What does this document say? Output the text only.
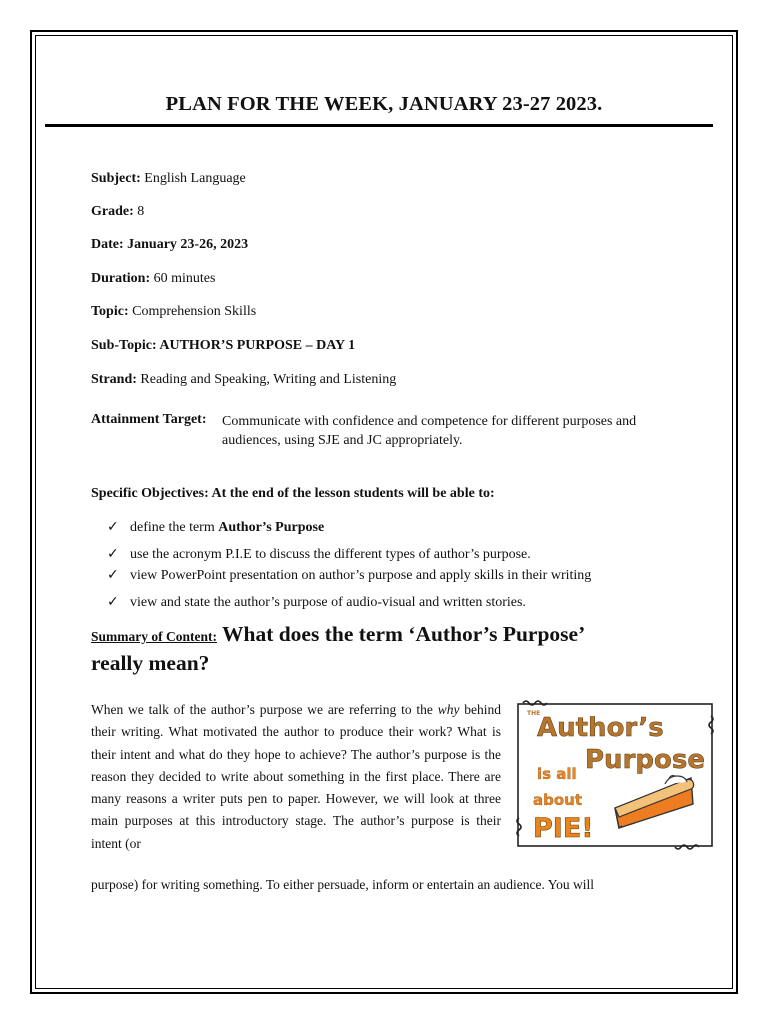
PLAN FOR THE WEEK, JANUARY 23-27 2023.
Subject: English Language
Grade: 8
Date: January 23-26, 2023
Duration: 60 minutes
Topic: Comprehension Skills
Sub-Topic: AUTHOR’S PURPOSE – DAY 1
Strand: Reading and Speaking, Writing and Listening
Attainment Target: Communicate with confidence and competence for different purposes and audiences, using SJE and JC appropriately.
Specific Objectives: At the end of the lesson students will be able to:
✓ define the term Author’s Purpose
✓ use the acronym P.I.E to discuss the different types of author’s purpose.
✓ view PowerPoint presentation on author’s purpose and apply skills in their writing
✓ view and state the author’s purpose of audio-visual and written stories.
Summary of Content: What does the term ‘Author’s Purpose’
really mean?
When we talk of the author’s purpose we are referring to the why behind their writing. What motivated the author to produce their work? What is their intent and what do they hope to achieve? The author’s purpose is the reason they decided to write about something in the first place. There are many reasons a writer puts pen to paper. However, we will look at three main purposes at this introductory stage. The author’s purpose is their intent (or
purpose) for writing something. To either persuade, inform or entertain an audience. You will
THE
Author’s
Purpose
is all
about
PIE!
